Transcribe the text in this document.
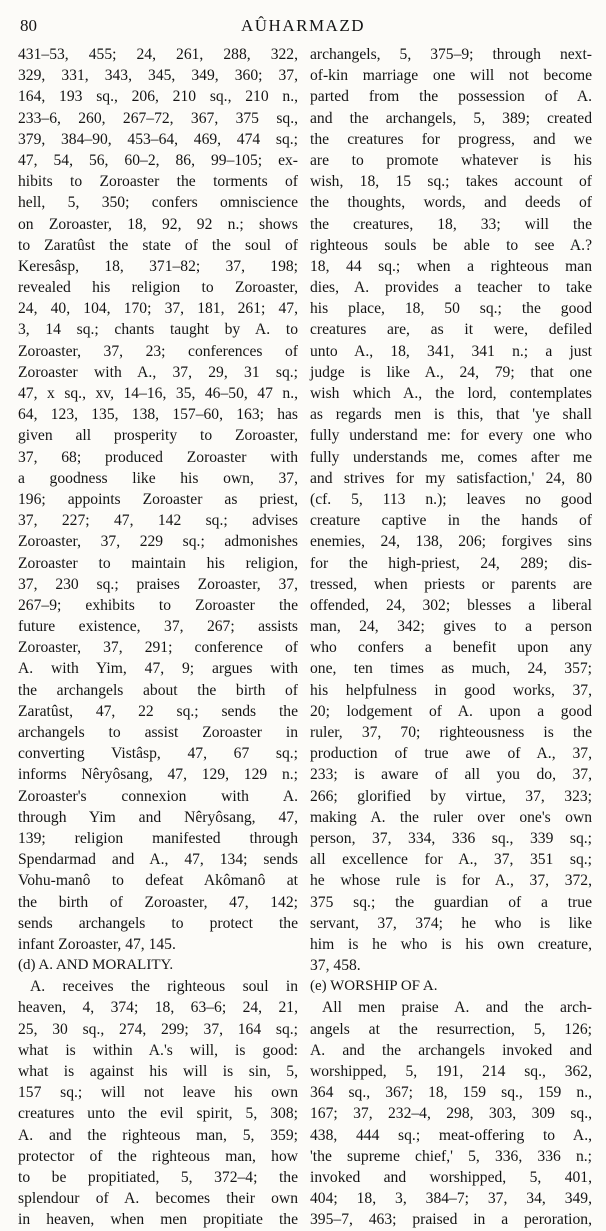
80	AÛHARMAZD
431–53, 455; 24, 261, 288, 322,
329, 331, 343, 345, 349, 360; 37,
164, 193 sq., 206, 210 sq., 210 n.,
233–6, 260, 267–72, 367, 375 sq.,
379, 384–90, 453–64, 469, 474 sq.;
47, 54, 56, 60–2, 86, 99–105; ex-
hibits to Zoroaster the torments of
hell, 5, 350; confers omniscience
on Zoroaster, 18, 92, 92 n.; shows
to Zaratûst the state of the soul of
Keresâsp, 18, 371–82; 37, 198;
revealed his religion to Zoroaster,
24, 40, 104, 170; 37, 181, 261; 47,
3, 14 sq.; chants taught by A. to
Zoroaster, 37, 23; conferences of
Zoroaster with A., 37, 29, 31 sq.;
47, x sq., xv, 14–16, 35, 46–50, 47 n.,
64, 123, 135, 138, 157–60, 163; has
given all prosperity to Zoroaster,
37, 68; produced Zoroaster with
a goodness like his own, 37,
196; appoints Zoroaster as priest,
37, 227; 47, 142 sq.; advises
Zoroaster, 37, 229 sq.; admonishes
Zoroaster to maintain his religion,
37, 230 sq.; praises Zoroaster, 37,
267–9; exhibits to Zoroaster the
future existence, 37, 267; assists
Zoroaster, 37, 291; conference of
A. with Yim, 47, 9; argues with
the archangels about the birth of
Zaratûst, 47, 22 sq.; sends the
archangels to assist Zoroaster in
converting Vistâsp, 47, 67 sq.;
informs Nêryôsang, 47, 129, 129 n.;
Zoroaster's connexion with A.
through Yim and Nêryôsang, 47,
139; religion manifested through
Spendarmad and A., 47, 134; sends
Vohu-manô to defeat Akômanô at
the birth of Zoroaster, 47, 142;
sends archangels to protect the
infant Zoroaster, 47, 145.
(d) A. AND MORALITY.
A. receives the righteous soul in
heaven, 4, 374; 18, 63–6; 24, 21,
25, 30 sq., 274, 299; 37, 164 sq.;
what is within A.'s will, is good:
what is against his will is sin, 5,
157 sq.; will not leave his own
creatures unto the evil spirit, 5, 308;
A. and the righteous man, 5, 359;
protector of the righteous man, how
to be propitiated, 5, 372–4; the
splendour of A. becomes their own
in heaven, when men propitiate the
archangels, 5, 375–9; through next-
of-kin marriage one will not become
parted from the possession of A.
and the archangels, 5, 389; created
the creatures for progress, and we
are to promote whatever is his
wish, 18, 15 sq.; takes account of
the thoughts, words, and deeds of
the creatures, 18, 33; will the
righteous souls be able to see A.?
18, 44 sq.; when a righteous man
dies, A. provides a teacher to take
his place, 18, 50 sq.; the good
creatures are, as it were, defiled
unto A., 18, 341, 341 n.; a just
judge is like A., 24, 79; that one
wish which A., the lord, contemplates
as regards men is this, that 'ye shall
fully understand me: for every one who
fully understands me, comes after me
and strives for my satisfaction,' 24, 80
(cf. 5, 113 n.); leaves no good
creature captive in the hands of
enemies, 24, 138, 206; forgives sins
for the high-priest, 24, 289; dis-
tressed, when priests or parents are
offended, 24, 302; blesses a liberal
man, 24, 342; gives to a person
who confers a benefit upon any
one, ten times as much, 24, 357;
his helpfulness in good works, 37,
20; lodgement of A. upon a good
ruler, 37, 70; righteousness is the
production of true awe of A., 37,
233; is aware of all you do, 37,
266; glorified by virtue, 37, 323;
making A. the ruler over one's own
person, 37, 334, 336 sq., 339 sq.;
all excellence for A., 37, 351 sq.;
he whose rule is for A., 37, 372,
375 sq.; the guardian of a true
servant, 37, 374; he who is like
him is he who is his own creature,
37, 458.
(e) WORSHIP OF A.
All men praise A. and the arch-
angels at the resurrection, 5, 126;
A. and the archangels invoked and
worshipped, 5, 191, 214 sq., 362,
364 sq., 367; 18, 159 sq., 159 n.,
167; 37, 232–4, 298, 303, 309 sq.,
438, 444 sq.; meat-offering to A.,
'the supreme chief,' 5, 336, 336 n.;
invoked and worshipped, 5, 401,
404; 18, 3, 384–7; 37, 34, 349,
395–7, 463; praised in a peroration,
